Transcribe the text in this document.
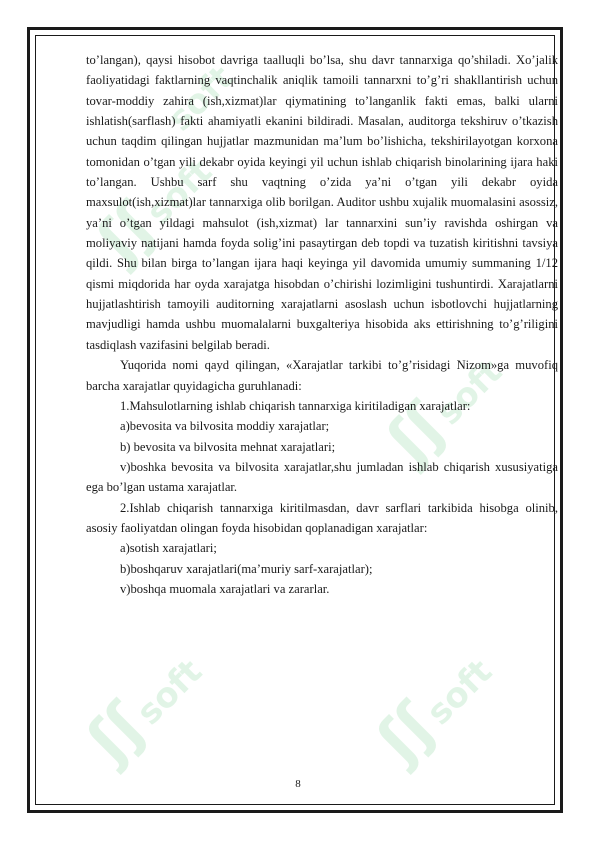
ʃʃsoft
ʃʃsoft
ʃʃsoft	ʃʃsoft
soft

to’langan), qaysi hisobot davriga taalluqli bo’lsa, shu davr tannarxiga qo’shiladi. Xo’jalik faoliyatidagi faktlarning vaqtinchalik aniqlik tamoili tannarxni to’g’ri shakllantirish uchun tovar-moddiy zahira (ish,xizmat)lar qiymatining to’langanlik fakti emas, balki ularni ishlatish(sarflash) fakti ahamiyatli ekanini bildiradi. Masalan, auditorga tekshiruv o’tkazish uchun taqdim qilingan hujjatlar mazmunidan ma’lum bo’lishicha, tekshirilayotgan korxona tomonidan o’tgan yili dekabr oyida keyingi yil uchun ishlab chiqarish binolarining ijara haki to’langan. Ushbu sarf shu vaqtning o’zida ya’ni o’tgan yili dekabr oyida maxsulot(ish,xizmat)lar tannarxiga olib borilgan. Auditor ushbu xujalik muomalasini asossiz, ya’ni o’tgan yildagi mahsulot (ish,xizmat) lar tannarxini sun’iy ravishda oshirgan va moliyaviy natijani hamda foyda solig’ini pasaytirgan deb topdi va tuzatish kiritishni tavsiya qildi. Shu bilan birga to’langan ijara haqi keyinga yil davomida umumiy summaning 1/12 qismi miqdorida har oyda xarajatga hisobdan o’chirishi lozimligini tushuntirdi. Xarajatlarni hujjatlashtirish tamoyili auditorning xarajatlarni asoslash uchun isbotlovchi hujjatlarning mavjudligi hamda ushbu muomalalarni buxgalteriya hisobida aks ettirishning to’g’riligini tasdiqlash vazifasini belgilab beradi.

Yuqorida nomi qayd qilingan, «Xarajatlar tarkibi to’g’risidagi Nizom»ga muvofiq barcha xarajatlar quyidagicha guruhlanadi:

1.Mahsulotlarning ishlab chiqarish tannarxiga kiritiladigan xarajatlar:

a)bevosita va bilvosita moddiy xarajatlar;

b) bevosita va bilvosita mehnat xarajatlari;

v)boshka bevosita va bilvosita xarajatlar,shu jumladan ishlab chiqarish xususiyatiga ega bo’lgan ustama xarajatlar.

2.Ishlab chiqarish tannarxiga kiritilmasdan, davr sarflari tarkibida hisobga olinib, asosiy faoliyatdan olingan foyda hisobidan qoplanadigan xarajatlar:

a)sotish xarajatlari;

b)boshqaruv xarajatlari(ma’muriy sarf-xarajatlar);

v)boshqa muomala xarajatlari va zararlar.

8
